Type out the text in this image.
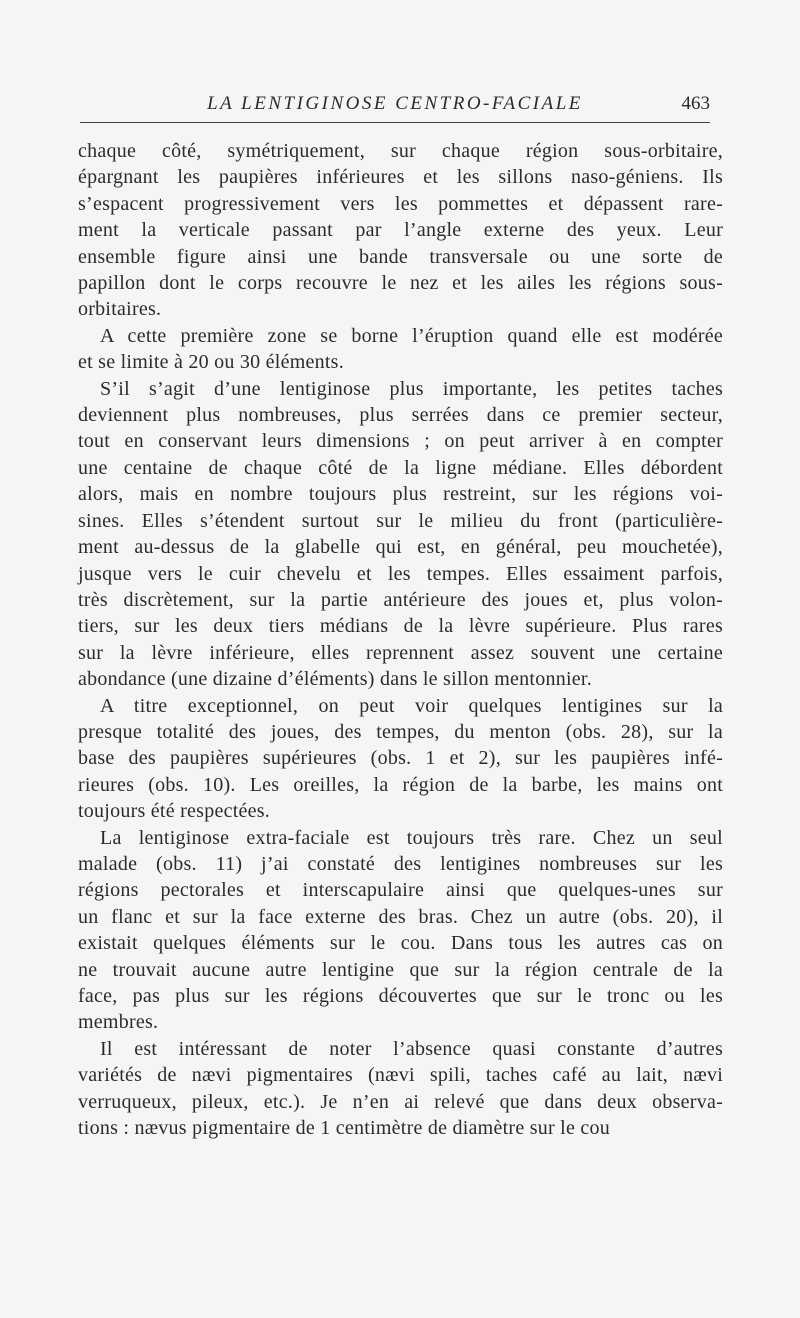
LA LENTIGINOSE CENTRO-FACIALE	463

chaque côté, symétriquement, sur chaque région sous-orbitaire,
épargnant les paupières inférieures et les sillons naso-géniens. Ils
s’espacent progressivement vers les pommettes et dépassent rare-
ment la verticale passant par l’angle externe des yeux. Leur
ensemble figure ainsi une bande transversale ou une sorte de
papillon dont le corps recouvre le nez et les ailes les régions sous-
orbitaires.

A cette première zone se borne l’éruption quand elle est modérée
et se limite à 20 ou 30 éléments.

S’il s’agit d’une lentiginose plus importante, les petites taches
deviennent plus nombreuses, plus serrées dans ce premier secteur,
tout en conservant leurs dimensions ; on peut arriver à en compter
une centaine de chaque côté de la ligne médiane. Elles débordent
alors, mais en nombre toujours plus restreint, sur les régions voi-
sines. Elles s’étendent surtout sur le milieu du front (particulière-
ment au-dessus de la glabelle qui est, en général, peu mouchetée),
jusque vers le cuir chevelu et les tempes. Elles essaiment parfois,
très discrètement, sur la partie antérieure des joues et, plus volon-
tiers, sur les deux tiers médians de la lèvre supérieure. Plus rares
sur la lèvre inférieure, elles reprennent assez souvent une certaine
abondance (une dizaine d’éléments) dans le sillon mentonnier.

A titre exceptionnel, on peut voir quelques lentigines sur la
presque totalité des joues, des tempes, du menton (obs. 28), sur la
base des paupières supérieures (obs. 1 et 2), sur les paupières infé-
rieures (obs. 10). Les oreilles, la région de la barbe, les mains ont
toujours été respectées.

La lentiginose extra-faciale est toujours très rare. Chez un seul
malade (obs. 11) j’ai constaté des lentigines nombreuses sur les
régions pectorales et interscapulaire ainsi que quelques-unes sur
un flanc et sur la face externe des bras. Chez un autre (obs. 20), il
existait quelques éléments sur le cou. Dans tous les autres cas on
ne trouvait aucune autre lentigine que sur la région centrale de la
face, pas plus sur les régions découvertes que sur le tronc ou les
membres.

Il est intéressant de noter l’absence quasi constante d’autres
variétés de nævi pigmentaires (nævi spili, taches café au lait, nævi
verruqueux, pileux, etc.). Je n’en ai relevé que dans deux observa-
tions : nævus pigmentaire de 1 centimètre de diamètre sur le cou
